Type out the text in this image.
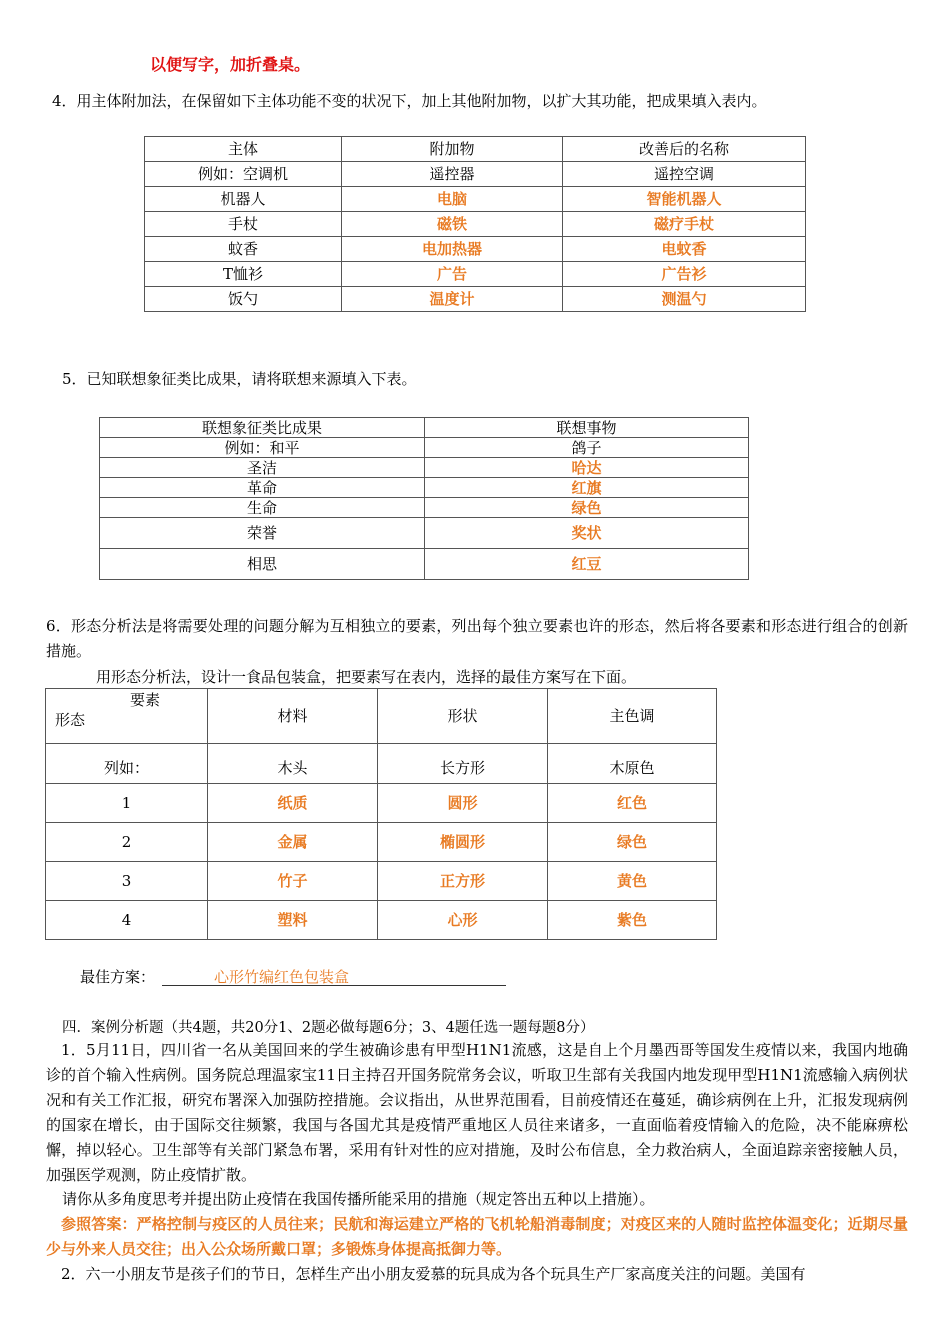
以便写字，加折叠桌。
4．用主体附加法，在保留如下主体功能不变的状况下，加上其他附加物，以扩大其功能，把成果填入表内。
主体	附加物	改善后的名称
例如：空调机	遥控器	遥控空调
机器人	电脑	智能机器人
手杖	磁铁	磁疗手杖
蚊香	电加热器	电蚊香
T恤衫	广告	广告衫
饭勺	温度计	测温勺
5．已知联想象征类比成果，请将联想来源填入下表。
联想象征类比成果	联想事物
例如：和平	鸽子
圣洁	哈达
革命	红旗
生命	绿色
荣誉	奖状
相思	红豆
6．形态分析法是将需要处理的问题分解为互相独立的要素，列出每个独立要素也许的形态，然后将各要素和形态进行组合的创新措施。
用形态分析法，设计一食品包装盒，把要素写在表内，选择的最佳方案写在下面。
要素
形态	材料	形状	主色调
列如：	木头	长方形	木原色
1	纸质	圆形	红色
2	金属	椭圆形	绿色
3	竹子	正方形	黄色
4	塑料	心形	紫色
最佳方案：	心形竹编红色包装盒
四．案例分析题（共4题，共20分1、2题必做每题6分；3、4题任选一题每题8分）
1．5月11日，四川省一名从美国回来的学生被确诊患有甲型H1N1流感，这是自上个月墨西哥等国发生疫情以来，我国内地确诊的首个输入性病例。国务院总理温家宝11日主持召开国务院常务会议，听取卫生部有关我国内地发现甲型H1N1流感输入病例状况和有关工作汇报，研究布署深入加强防控措施。会议指出，从世界范围看，目前疫情还在蔓延，确诊病例在上升，汇报发现病例的国家在增长，由于国际交往频繁，我国与各国尤其是疫情严重地区人员往来诸多，一直面临着疫情输入的危险，决不能麻痹松懈，掉以轻心。卫生部等有关部门紧急布署，采用有针对性的应对措施，及时公布信息，全力救治病人，全面追踪亲密接触人员，加强医学观测，防止疫情扩散。
请你从多角度思考并提出防止疫情在我国传播所能采用的措施（规定答出五种以上措施）。
参照答案：严格控制与疫区的人员往来；民航和海运建立严格的飞机轮船消毒制度；对疫区来的人随时监控体温变化；近期尽量少与外来人员交往；出入公众场所戴口罩；多锻炼身体提高抵御力等。
2．六一小朋友节是孩子们的节日，怎样生产出小朋友爱慕的玩具成为各个玩具生产厂家高度关注的问题。美国有
